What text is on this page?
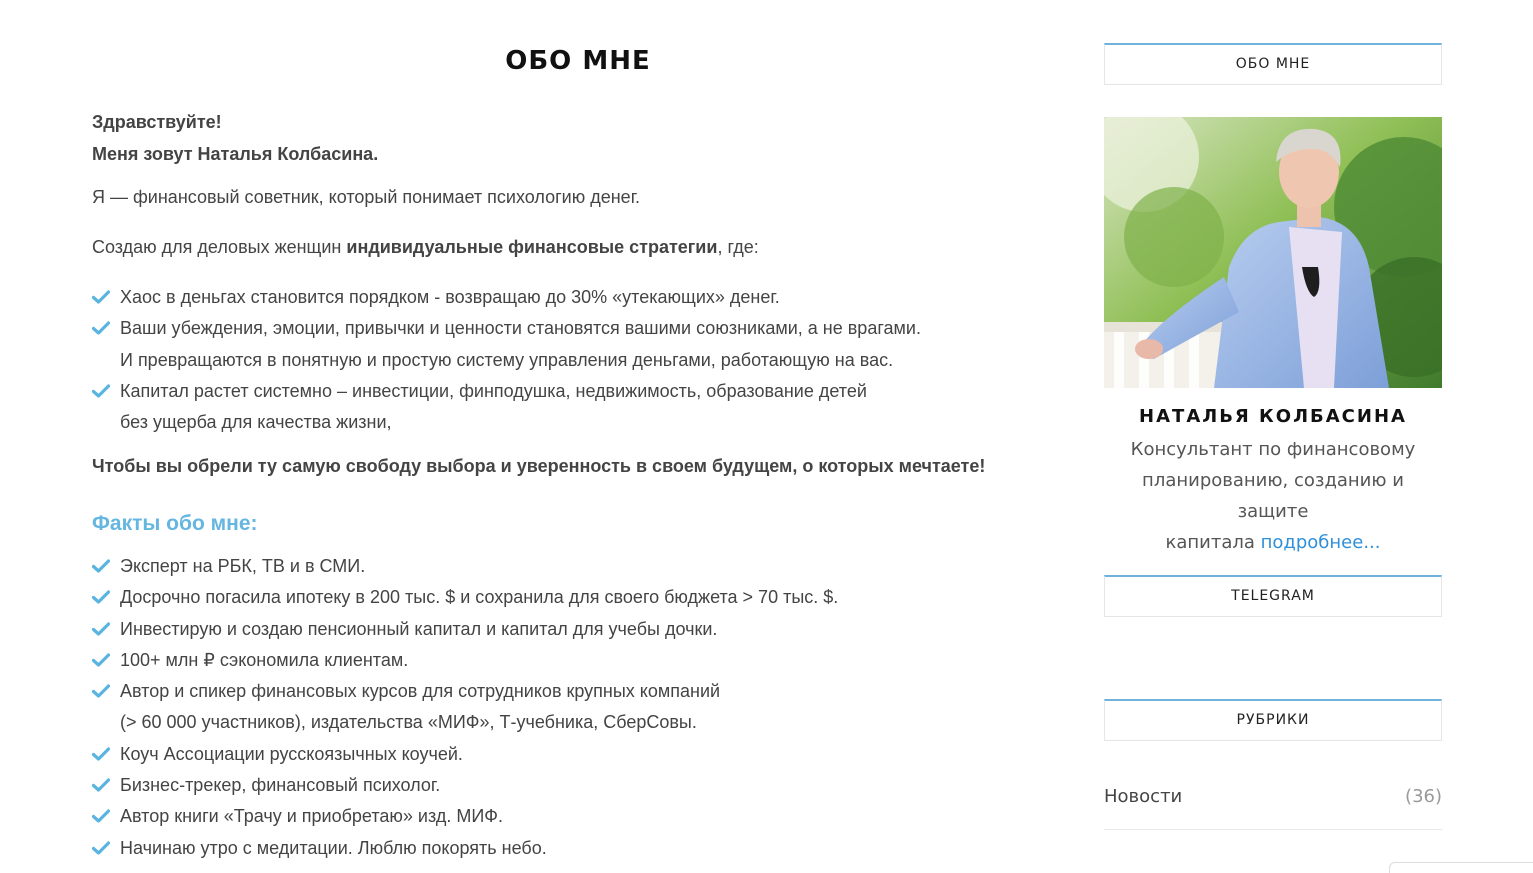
ОБО МНЕ
Здравствуйте!
Меня зовут Наталья Колбасина.
Я — финансовый советник, который понимает психологию денег.
Создаю для деловых женщин индивидуальные финансовые стратегии, где:
Хаос в деньгах становится порядком - возвращаю до 30% «утекающих» денег.
Ваши убеждения, эмоции, привычки и ценности становятся вашими союзниками, а не врагами.
И превращаются в понятную и простую систему управления деньгами, работающую на вас.
Капитал растет системно – инвестиции, финподушка, недвижимость, образование детей
без ущерба для качества жизни,
Чтобы вы обрели ту самую свободу выбора и уверенность в своем будущем, о которых мечтаете!
Факты обо мне:
Эксперт на РБК, ТВ и в СМИ.
Досрочно погасила ипотеку в 200 тыс. $ и сохранила для своего бюджета > 70 тыс. $.
Инвестирую и создаю пенсионный капитал и капитал для учебы дочки.
100+ млн ₽ сэкономила клиентам.
Автор и спикер финансовых курсов для сотрудников крупных компаний
(> 60 000 участников), издательства «МИФ», Т-учебника, СберСовы.
Коуч Ассоциации русскоязычных коучей.
Бизнес-трекер, финансовый психолог.
Автор книги «Трачу и приобретаю» изд. МИФ.
Начинаю утро с медитации. Люблю покорять небо.
ОБО МНЕ
НАТАЛЬЯ КОЛБАСИНА
Консультант по финансовому
планированию, созданию и защите
капитала подробнее...
TELEGRAM
РУБРИКИ
Новости	(36)
